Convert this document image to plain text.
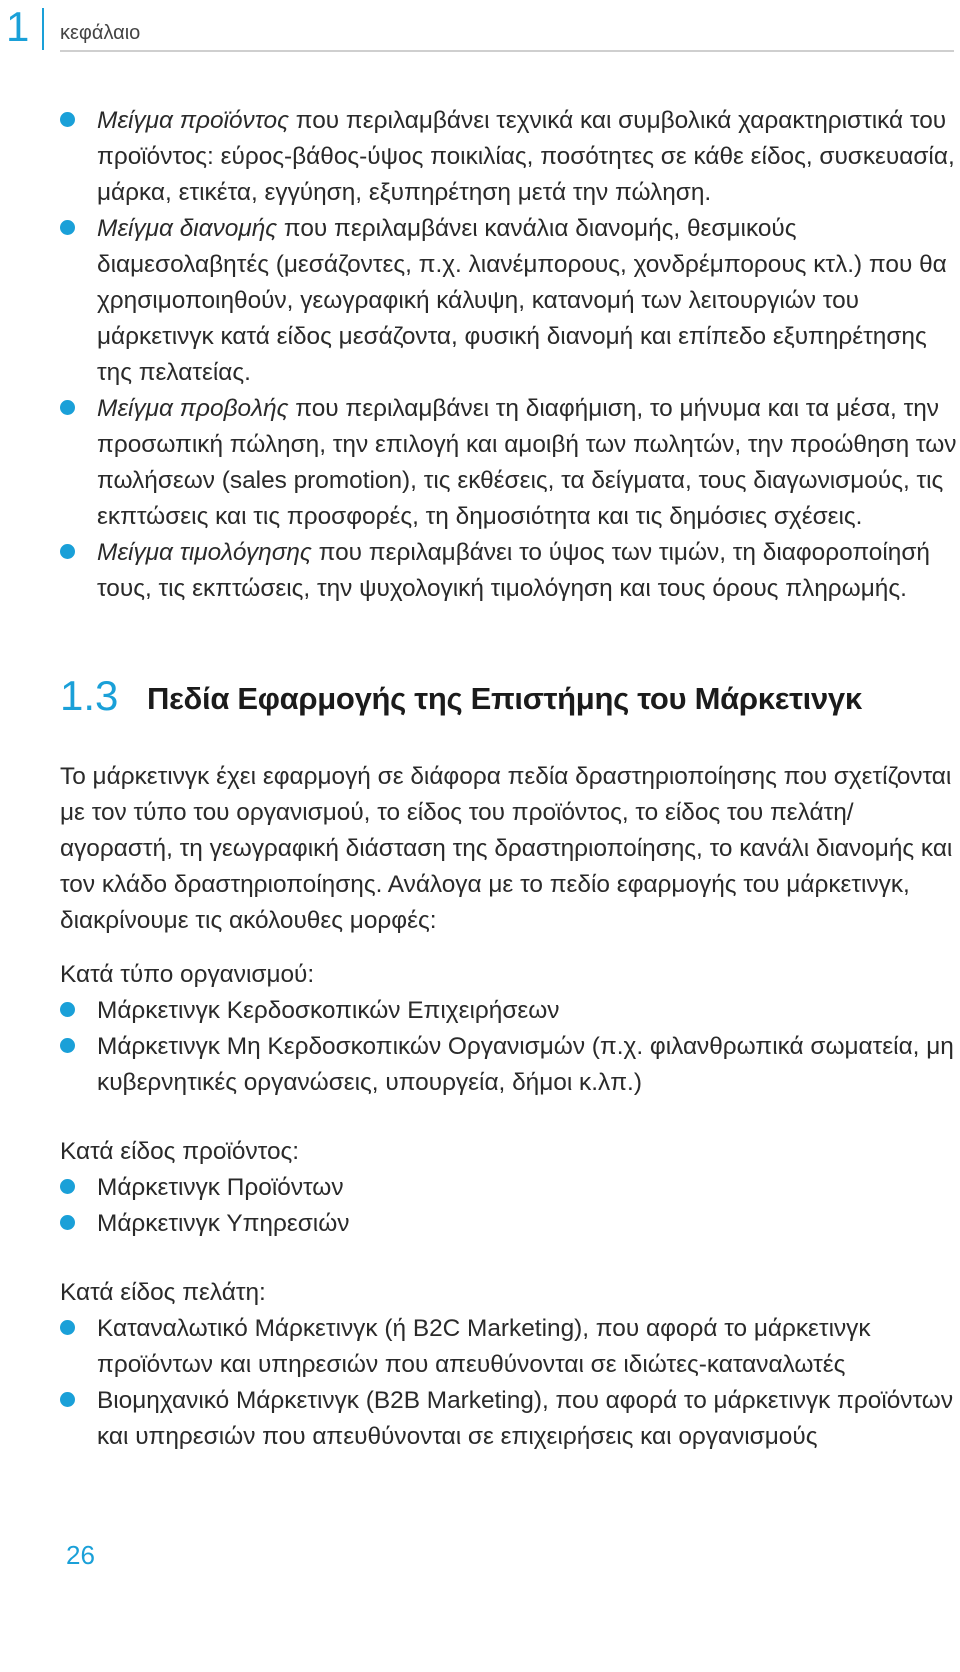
1 κεφάλαιο
Μείγμα προϊόντος που περιλαμβάνει τεχνικά και συμβολικά χαρακτηριστικά του προϊόντος: εύρος-βάθος-ύψος ποικιλίας, ποσότητες σε κάθε είδος, συσκευασία, μάρκα, ετικέτα, εγγύηση, εξυπηρέτηση μετά την πώληση.
Μείγμα διανομής που περιλαμβάνει κανάλια διανομής, θεσμικούς διαμεσολαβητές (μεσάζοντες, π.χ. λιανέμπορους, χονδρέμπορους κτλ.) που θα χρησιμοποιηθούν, γεωγραφική κάλυψη, κατανομή των λειτουργιών του μάρκετινγκ κατά είδος μεσάζοντα, φυσική διανομή και επίπεδο εξυπηρέτησης της πελατείας.
Μείγμα προβολής που περιλαμβάνει τη διαφήμιση, το μήνυμα και τα μέσα, την προσωπική πώληση, την επιλογή και αμοιβή των πωλητών, την προώθηση των πωλήσεων (sales promotion), τις εκθέσεις, τα δείγματα, τους διαγωνισμούς, τις εκπτώσεις και τις προσφορές, τη δημοσιότητα και τις δημόσιες σχέσεις.
Μείγμα τιμολόγησης που περιλαμβάνει το ύψος των τιμών, τη διαφοροποίησή τους, τις εκπτώσεις, την ψυχολογική τιμολόγηση και τους όρους πληρωμής.
1.3 Πεδία Εφαρμογής της Επιστήμης του Μάρκετινγκ
Το μάρκετινγκ έχει εφαρμογή σε διάφορα πεδία δραστηριοποίησης που σχετίζονται με τον τύπο του οργανισμού, το είδος του προϊόντος, το είδος του πελάτη/αγοραστή, τη γεωγραφική διάσταση της δραστηριοποίησης, το κανάλι διανομής και τον κλάδο δραστηριοποίησης. Ανάλογα με το πεδίο εφαρμογής του μάρκετινγκ, διακρίνουμε τις ακόλουθες μορφές:
Κατά τύπο οργανισμού:
Μάρκετινγκ Κερδοσκοπικών Επιχειρήσεων
Μάρκετινγκ Μη Κερδοσκοπικών Οργανισμών (π.χ. φιλανθρωπικά σωματεία, μη κυβερνητικές οργανώσεις, υπουργεία, δήμοι κ.λπ.)
Κατά είδος προϊόντος:
Μάρκετινγκ Προϊόντων
Μάρκετινγκ Υπηρεσιών
Κατά είδος πελάτη:
Καταναλωτικό Μάρκετινγκ (ή B2C Marketing), που αφορά το μάρκετινγκ προϊόντων και υπηρεσιών που απευθύνονται σε ιδιώτες-καταναλωτές
Βιομηχανικό Μάρκετινγκ (B2B Marketing), που αφορά το μάρκετινγκ προϊόντων και υπηρεσιών που απευθύνονται σε επιχειρήσεις και οργανισμούς
26
